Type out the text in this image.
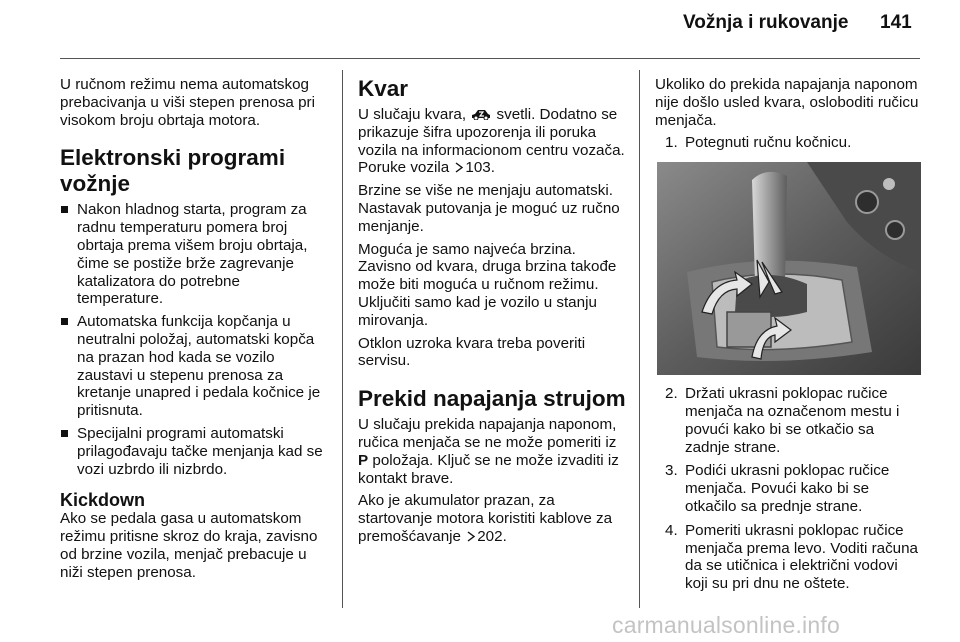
Vožnja i rukovanje 141

U ručnom režimu nema automatskog prebacivanja u viši stepen prenosa pri visokom broju obrtaja motora.

Elektronski programi vožnje
Nakon hladnog starta, program za radnu temperaturu pomera broj obrtaja prema višem broju obrtaja, čime se postiže brže zagrevanje katalizatora do potrebne temperature.
Automatska funkcija kopčanja u neutralni položaj, automatski kopča na prazan hod kada se vozilo zaustavi u stepenu prenosa za kretanje unapred i pedala kočnice je pritisnuta.
Specijalni programi automatski prilagođavaju tačke menjanja kad se vozi uzbrdo ili nizbrdo.
Kickdown

Ako se pedala gasa u automatskom režimu pritisne skroz do kraja, zavisno od brzine vozila, menjač prebacuje u niži stepen prenosa.

Kvar

U slučaju kvara, svetli. Dodatno se prikazuje šifra upozorenja ili poruka vozila na informacionom centru vozača. Poruke vozila 103.

Brzine se više ne menjaju automatski. Nastavak putovanja je moguć uz ručno menjanje.

Moguća je samo najveća brzina. Zavisno od kvara, druga brzina takođe može biti moguća u ručnom režimu. Uključiti samo kad je vozilo u stanju mirovanja.

Otklon uzroka kvara treba poveriti servisu.

Prekid napajanja strujom

U slučaju prekida napajanja naponom, ručica menjača se ne može pomeriti iz P položaja. Ključ se ne može izvaditi iz kontakt brave.

Ako je akumulator prazan, za startovanje motora koristiti kablove za premošćavanje 202.

Ukoliko do prekida napajanja naponom nije došlo usled kvara, osloboditi ručicu menjača.

1. Potegnuti ručnu kočnicu.
2. Držati ukrasni poklopac ručice menjača na označenom mestu i povući kako bi se otkačio sa zadnje strane.
3. Podići ukrasni poklopac ručice menjača. Povući kako bi se otkačilo sa prednje strane.
4. Pomeriti ukrasni poklopac ručice menjača prema levo. Voditi računa da se utičnica i električni vodovi koji su pri dnu ne oštete.
carmanualsonline.info
